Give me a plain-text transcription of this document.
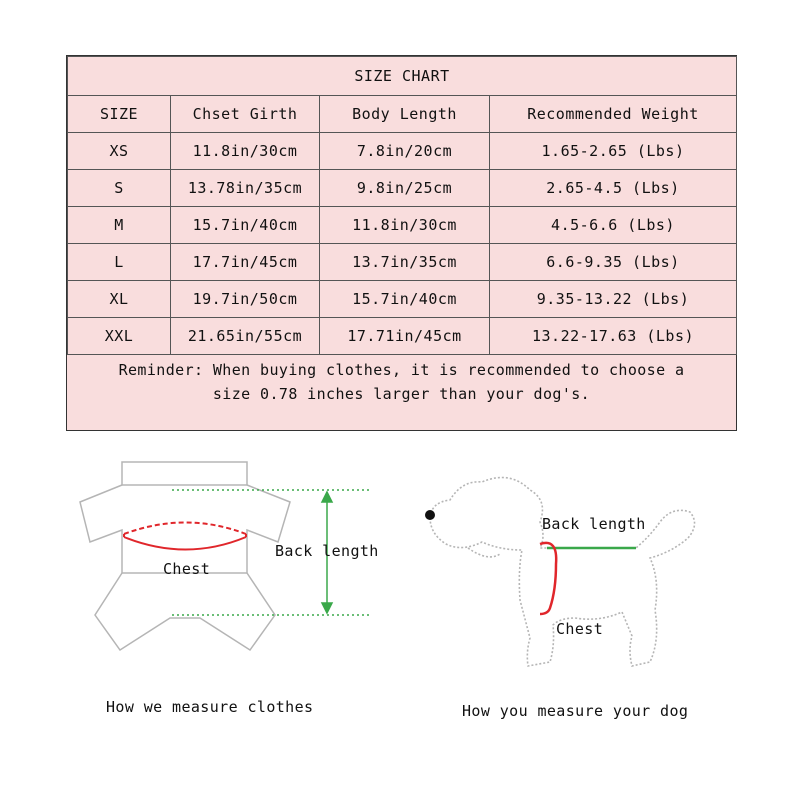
SIZE CHART			
SIZE	Chset Girth	Body Length	Recommended Weight
XS	11.8in/30cm	7.8in/20cm	1.65-2.65 (Lbs)
S	13.78in/35cm	9.8in/25cm	2.65-4.5 (Lbs)
M	15.7in/40cm	11.8in/30cm	4.5-6.6 (Lbs)
L	17.7in/45cm	13.7in/35cm	6.6-9.35 (Lbs)
XL	19.7in/50cm	15.7in/40cm	9.35-13.22 (Lbs)
XXL	21.65in/55cm	17.71in/45cm	13.22-17.63 (Lbs)
Reminder: When buying clothes, it is recommended to choose a
size 0.78 inches larger than your dog's.
Chest
Back length
How we measure clothes
Back length
Chest
How you measure your dog
